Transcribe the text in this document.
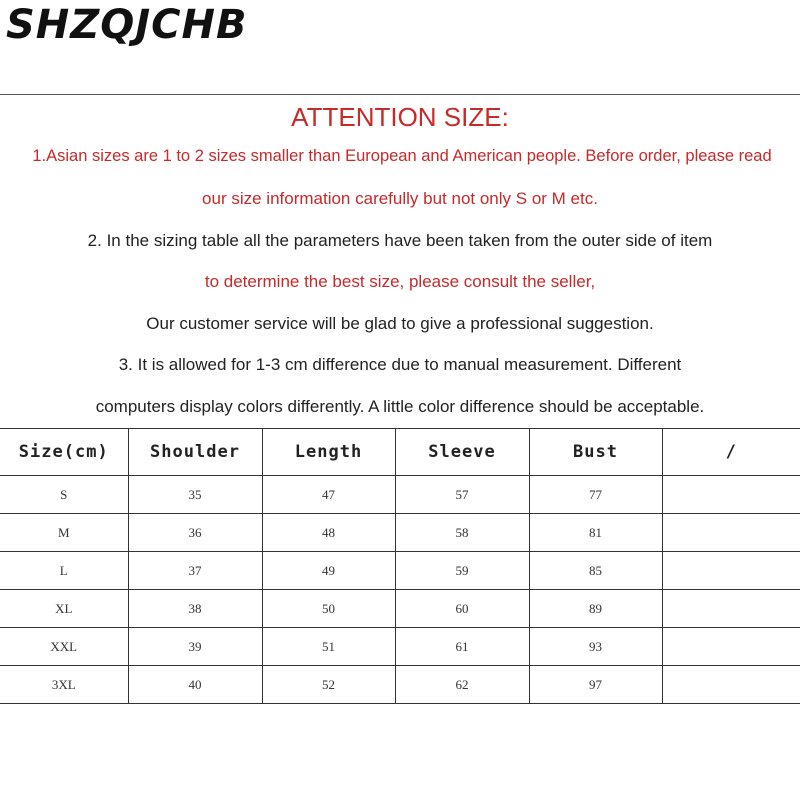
SHZQJCHB
ATTENTION SIZE:
1.Asian sizes are 1 to 2 sizes smaller than European and American people. Before order, please read
our size information carefully but not only S or M etc.
2. In the sizing table all the parameters have been taken from the outer side of item
to determine the best size, please consult the seller,
Our customer service will be glad to give a professional suggestion.
3. It is allowed for 1-3 cm difference due to manual measurement. Different
computers display colors differently. A little color difference should be acceptable.
Size(cm)	Shoulder	Length	Sleeve	Bust	/
S	35	47	57	77	
M	36	48	58	81	
L	37	49	59	85	
XL	38	50	60	89	
XXL	39	51	61	93	
3XL	40	52	62	97	
